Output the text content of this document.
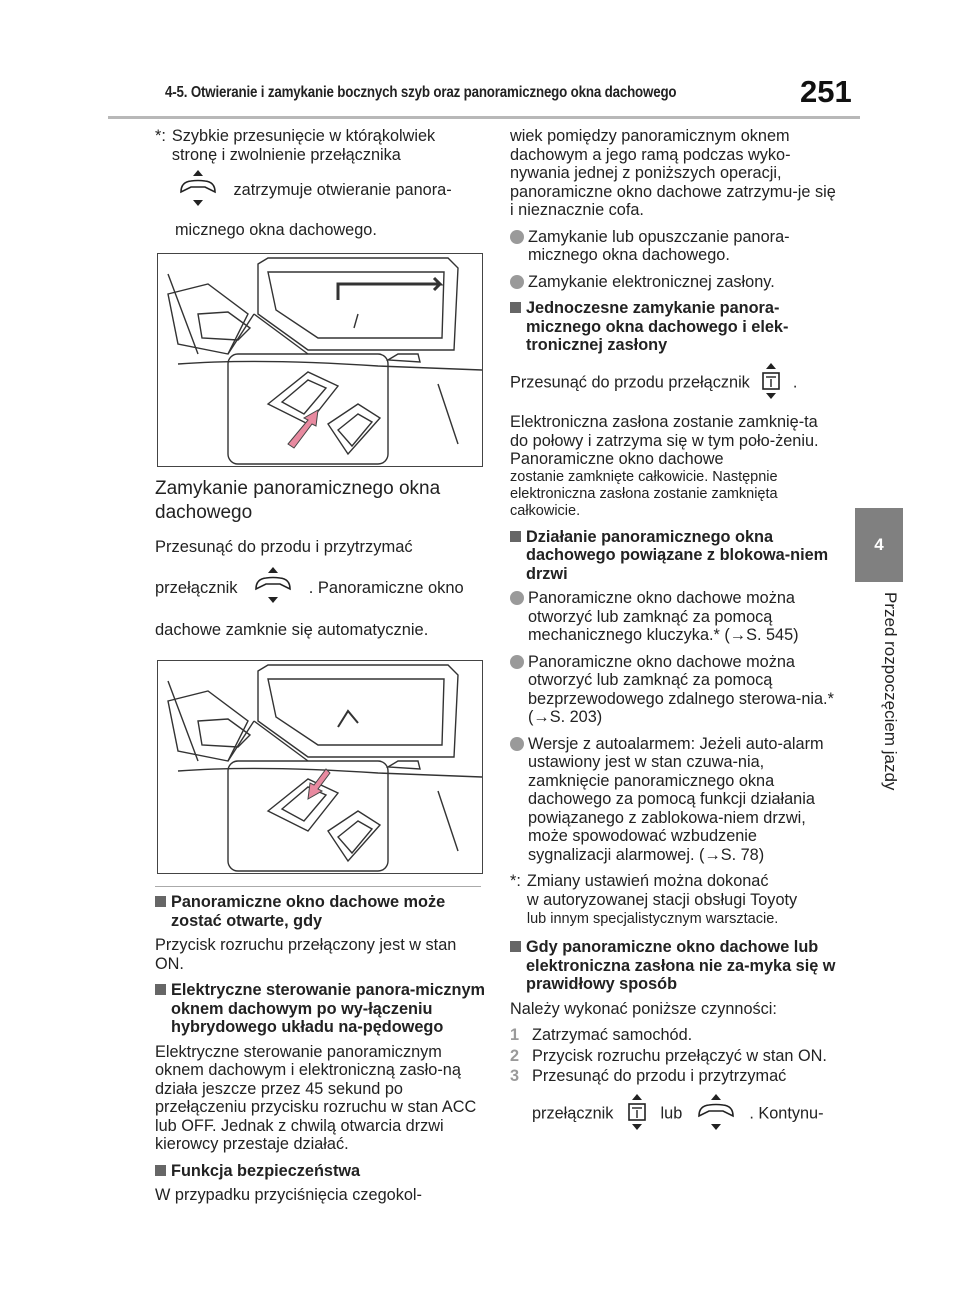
4-5. Otwieranie i zamykanie bocznych szyb oraz panoramicznego okna dachowego	251
4
Przed rozpoczęciem jazdy
*: Szybkie przesunięcie w którąkolwiek
stronę i zwolnienie przełącznika
zatrzymuje otwieranie panora-
micznego okna dachowego.
Zamykanie panoramicznego okna dachowego
Przesunąć do przodu i przytrzymać
przełącznik	. Panoramiczne okno
dachowe zamknie się automatycznie.
Panoramiczne okno dachowe może zostać otwarte, gdy

Przycisk rozruchu przełączony jest w stan ON.

Elektryczne sterowanie panora-micznym oknem dachowym po wy-łączeniu hybrydowego układu na-pędowego

Elektryczne sterowanie panoramicznym oknem dachowym i elektroniczną zasło-ną działa jeszcze przez 45 sekund po przełączeniu przycisku rozruchu w stan ACC lub OFF. Jednak z chwilą otwarcia drzwi kierowcy przestaje działać.

Funkcja bezpieczeństwa

W przypadku przyciśnięcia czegokol-

wiek pomiędzy panoramicznym oknem dachowym a jego ramą podczas wyko-nywania jednej z poniższych operacji, panoramiczne okno dachowe zatrzymu-je się i nieznacznie cofa.

Zamykanie lub opuszczanie panora-micznego okna dachowego.
Zamykanie elektronicznej zasłony.
Jednoczesne zamykanie panora-micznego okna dachowego i elek-tronicznej zasłony
Przesunąć do przodu przełącznik	.

Elektroniczna zasłona zostanie zamknię-ta do połowy i zatrzyma się w tym poło-żeniu. Panoramiczne okno dachowe

zostanie zamknięte całkowicie. Następnie elektroniczna zasłona zostanie zamknięta całkowicie.

Działanie panoramicznego okna dachowego powiązane z blokowa-niem drzwi
Panoramiczne okno dachowe można otworzyć lub zamknąć za pomocą mechanicznego kluczyka.* (→S. 545)
Panoramiczne okno dachowe można otworzyć lub zamknąć za pomocą bezprzewodowego zdalnego sterowa-nia.* (→S. 203)
Wersje z autoalarmem: Jeżeli auto-alarm ustawiony jest w stan czuwa-nia, zamknięcie panoramicznego okna dachowego za pomocą funkcji działania powiązanego z zablokowa-niem drzwi, może spowodować wzbudzenie sygnalizacji alarmowej. (→S. 78)
*: Zmiany ustawień można dokonać
w autoryzowanej stacji obsługi Toyoty
lub innym specjalistycznym warsztacie.
Gdy panoramiczne okno dachowe lub elektroniczna zasłona nie za-myka się w prawidłowy sposób

Należy wykonać poniższe czynności:

1 Zatrzymać samochód.
2 Przycisk rozruchu przełączyć w stan ON.
3 Przesunąć do przodu i przytrzymać
przełącznik	lub	. Kontynu-
